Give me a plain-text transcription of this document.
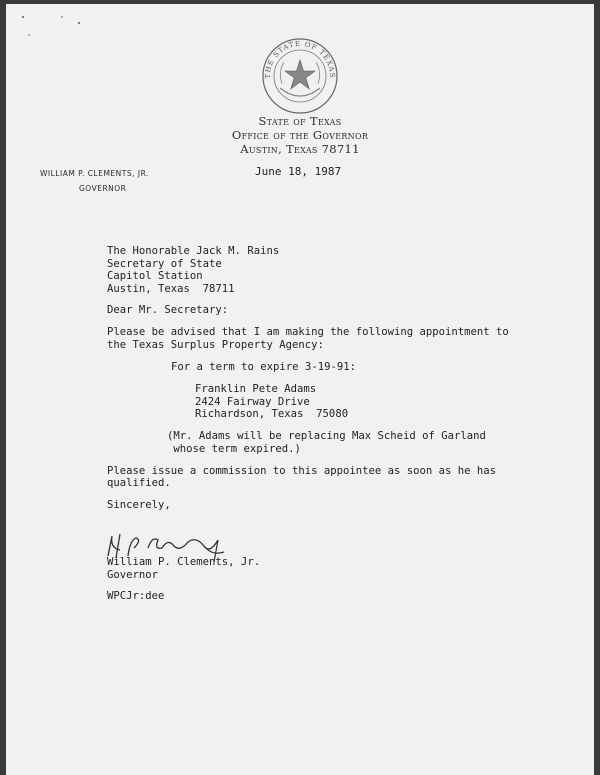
THE STATE OF TEXAS
State of Texas
Office of the Governor
Austin, Texas 78711
WILLIAM P. CLEMENTS, JR.
GOVERNOR
June 18, 1987
The Honorable Jack M. Rains
Secretary of State
Capitol Station
Austin, Texas  78711
Dear Mr. Secretary:
Please be advised that I am making the following appointment to
the Texas Surplus Property Agency:
For a term to expire 3-19-91:
Franklin Pete Adams
2424 Fairway Drive
Richardson, Texas  75080
(Mr. Adams will be replacing Max Scheid of Garland
whose term expired.)
Please issue a commission to this appointee as soon as he has
qualified.
Sincerely,
William P. Clements, Jr.
Governor
WPCJr:dee
